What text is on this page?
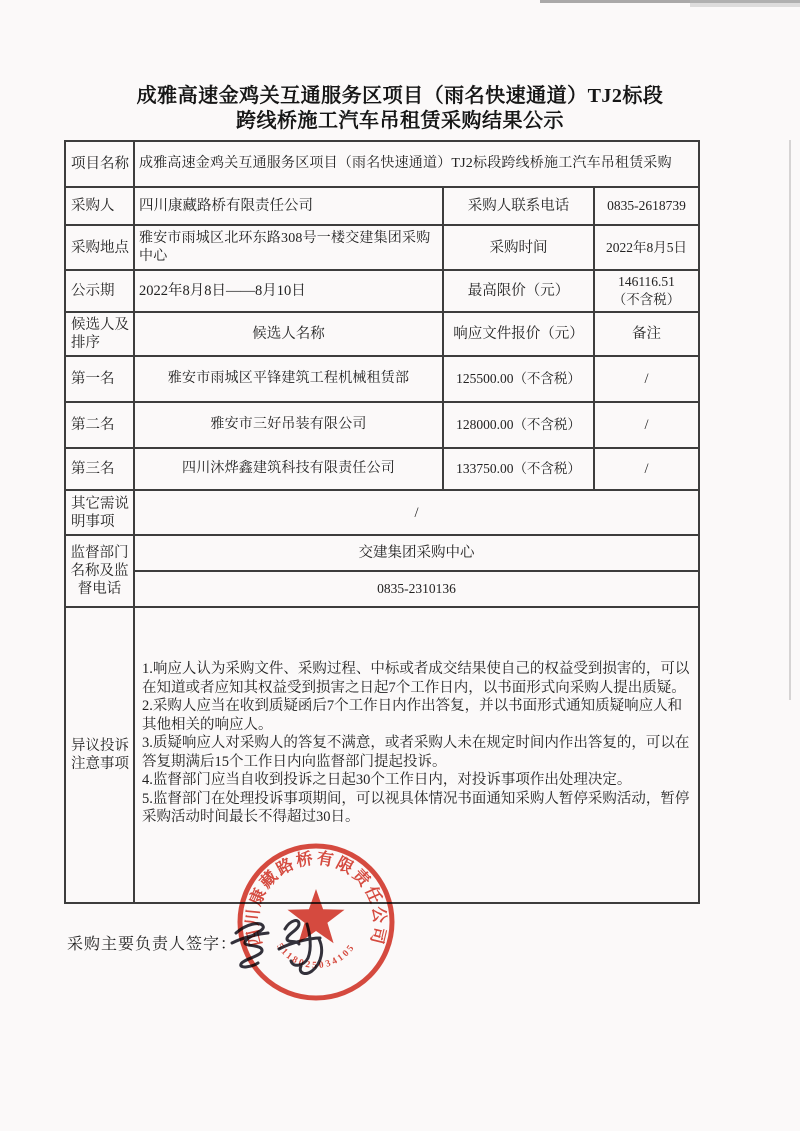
成雅高速金鸡关互通服务区项目（雨名快速通道）TJ2标段
跨线桥施工汽车吊租赁采购结果公示
项目名称	成雅高速金鸡关互通服务区项目（雨名快速通道）TJ2标段跨线桥施工汽车吊租赁采购		
采购人	四川康藏路桥有限责任公司	采购人联系电话	0835-2618739
采购地点	雅安市雨城区北环东路308号一楼交建集团采购中心	采购时间	2022年8月5日
公示期	2022年8月8日——8月10日	最高限价（元）	146116.51
（不含税）

候选人及排序	候选人名称	响应文件报价（元）	备注
第一名	雅安市雨城区平锋建筑工程机械租赁部	125500.00（不含税）	/
第二名	雅安市三好吊装有限公司	128000.00（不含税）	/
第三名	四川沐烨鑫建筑科技有限责任公司	133750.00（不含税）	/
其它需说明事项	/		
监督部门名称及监督电话	交建集团采购中心		
	0835-2310136		
异议投诉注意事项	1.响应人认为采购文件、采购过程、中标或者成交结果使自己的权益受到损害的，可以在知道或者应知其权益受到损害之日起7个工作日内，以书面形式向采购人提出质疑。
2.采购人应当在收到质疑函后7个工作日内作出答复，并以书面形式通知质疑响应人和其他相关的响应人。
3.质疑响应人对采购人的答复不满意，或者采购人未在规定时间内作出答复的，可以在答复期满后15个工作日内向监督部门提起投诉。
4.监督部门应当自收到投诉之日起30个工作日内，对投诉事项作出处理决定。
5.监督部门在处理投诉事项期间，可以视具体情况书面通知采购人暂停采购活动，暂停采购活动时间最长不得超过30日。		
采购主要负责人签字： 四川康藏路桥有限责任公司
5118025034105
